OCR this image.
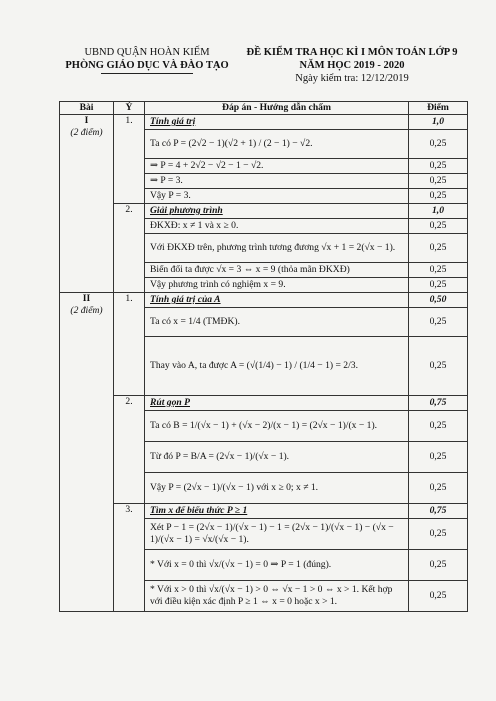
UBND QUẬN HOÀN KIẾM
PHÒNG GIÁO DỤC VÀ ĐÀO TẠO
ĐỀ KIỂM TRA HỌC KÌ I MÔN TOÁN LỚP 9
NĂM HỌC 2019 - 2020
Ngày kiểm tra: 12/12/2019
Bài	Ý	Đáp án - Hướng dẫn chấm	Điểm

I
(2 điểm)	1.	Tính giá trị	1,0
		Ta có P = (2√2 − 1)(√2 + 1) / (2 − 1) − √2.	0,25
		⇒ P = 4 + 2√2 − √2 − 1 − √2.	0,25
		⇒ P = 3.	0,25
		Vậy P = 3.	0,25
	2.	Giải phương trình	1,0
		ĐKXĐ: x ≠ 1 và x ≥ 0.	0,25
		Với ĐKXĐ trên, phương trình tương đương √x + 1 = 2(√x − 1).	0,25
		Biến đổi ta được √x = 3 ⇔ x = 9 (thỏa mãn ĐKXĐ)	0,25
		Vậy phương trình có nghiệm x = 9.	0,25

II
(2 điểm)	1.	Tính giá trị của A	0,50
		Ta có x = 1/4 (TMĐK).	0,25
		Thay vào A, ta được A = (√(1/4) − 1) / (1/4 − 1) = 2/3.	0,25
	2.	Rút gọn P	0,75
		Ta có B = 1/(√x − 1) + (√x − 2)/(x − 1) = (2√x − 1)/(x − 1).	0,25
		Từ đó P = B/A = (2√x − 1)/(√x − 1).	0,25
		Vậy P = (2√x − 1)/(√x − 1) với x ≥ 0; x ≠ 1.	0,25
	3.	Tìm x để biểu thức P ≥ 1	0,75
		Xét P − 1 = (2√x − 1)/(√x − 1) − 1 = (2√x − 1)/(√x − 1) − (√x − 1)/(√x − 1) = √x/(√x − 1).	0,25
		* Với x = 0 thì √x/(√x − 1) = 0 ⇒ P = 1 (đúng).	0,25
		* Với x > 0 thì √x/(√x − 1) > 0 ⇔ √x − 1 > 0 ⇔ x > 1. Kết hợp với điều kiện xác định P ≥ 1 ⇔ x = 0 hoặc x > 1.	0,25
